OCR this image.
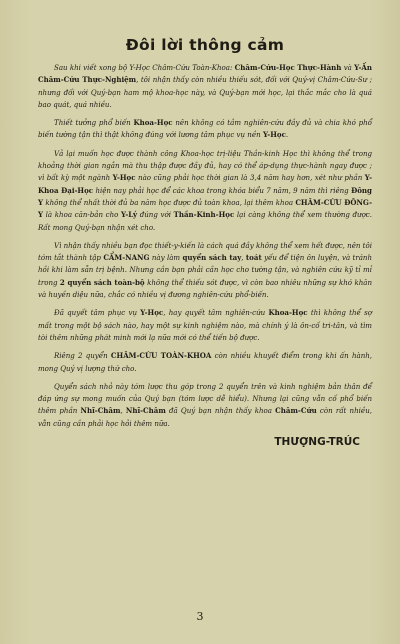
Đôi lời thông cảm

Sau khi viết xong bộ Y-Học Châm-Cứu Toàn-Khoa: Châm-Cứu-Học Thực-Hành và Y-Ấn Châm-Cứu Thực-Nghiệm, tôi nhận thấy còn nhiều thiếu sót, đối với Quý-vị Châm-Cứu-Sư ; nhưng đối với Quý-bạn ham mộ khoa-học này, và Quý-bạn mới học, lại thắc mắc cho là quá bao quát, quá nhiều.

Thiết tưởng phổ biến Khoa-Học nên không có tầm nghiên-cứu đầy đủ và chia khó phổ biến tường tận thì thật không đúng với lương tâm phục vụ nền Y-Học.

Vả lại muốn học được thành công Khoa-học trị-liệu Thần-kinh Học thì không thể trong khoảng thời gian ngắn mà thu thập được đầy đủ, hay có thể áp-dụng thực-hành ngay được ; vì bất kỳ một ngành Y-Học nào cũng phải học thời gian là 3,4 năm hay hơn, xét như phần Y-Khoa Đại-Học hiện nay phải học để các khoa trong khóa biểu 7 năm, 9 năm thì riêng Đông Y không thể nhất thời đủ ba năm học được đủ toàn khoa, lại thêm khoa CHÂM-CỨU ĐÔNG-Y là khoa căn-bản cho Y-Lý đúng với Thần-Kinh-Học lại càng không thể xem thường được. Rất mong Quý-bạn nhận xét cho.

Vì nhận thấy nhiều bạn đọc thiết-y-kiến là cách quá đầy không thể xem hết được, nên tôi tóm tắt thành tập CẨM-NANG này làm quyển sách tay, toát yếu để tiện ôn luyện, và tránh hồi khi làm sẵn trị bệnh. Nhưng cần bạn phải cần học cho tường tận, và nghiên cứu kỹ tỉ mỉ trong 2 quyển sách toàn-bộ không thể thiếu sót được, vì còn bao nhiêu những sự khó khăn và huyền diệu nữa, chắc có nhiều vị đương nghiên-cứu phổ-biến.

Đã quyết tâm phục vụ Y-Học, hay quyết tâm nghiên-cứu Khoa-Học thì không thể sợ mất trong một bộ sách nào, hay một sự kinh nghiệm nào, mà chính ý là ôn-cố tri-tân, và tìm tòi thêm những phát minh mới lạ nữa mới có thể tiến bộ được.

Riêng 2 quyển CHÂM-CỨU TOÀN-KHOA còn nhiều khuyết điểm trong khi ấn hành, mong Quý vị lượng thứ cho.

Quyển sách nhỏ này tóm lược thu góp trong 2 quyển trên và kinh nghiệm bản thân để đáp ứng sự mong muốn của Quý bạn (tóm lược dễ hiểu). Nhưng lại cũng vẫn cố phổ biến thêm phần Nhĩ-Châm, Nhĩ-Châm đã Quý bạn nhận thấy khoa Châm-Cứu còn rất nhiều, vẫn cũng cần phải học hỏi thêm nữa.

THƯỢNG-TRÚC
3
